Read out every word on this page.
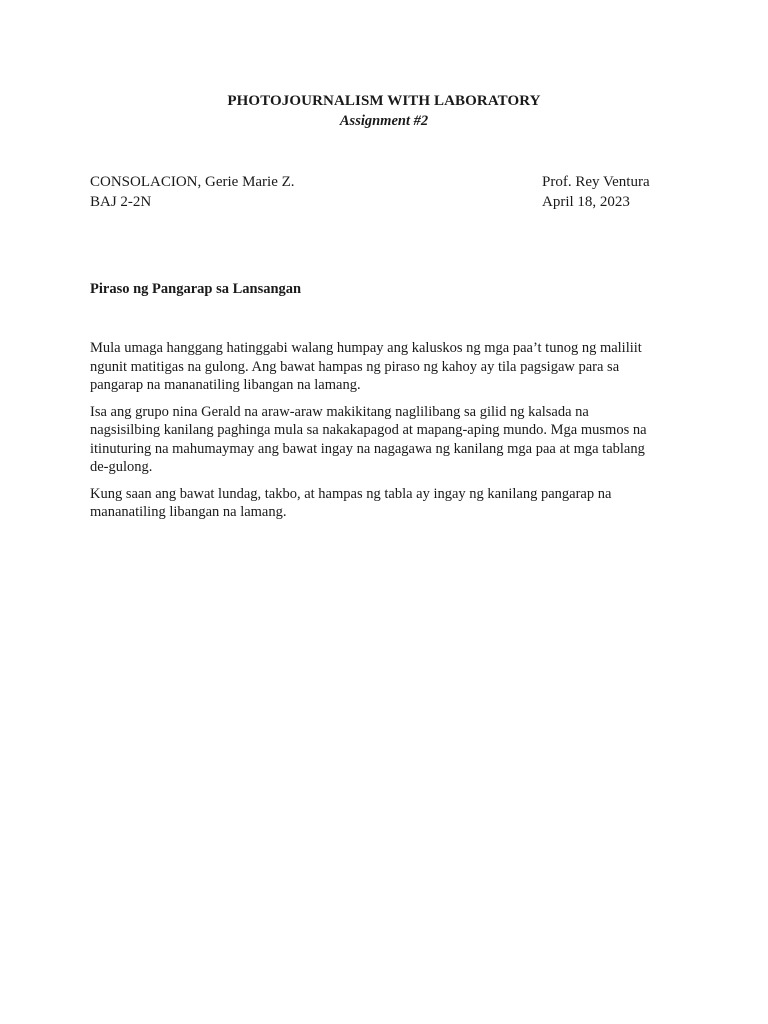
PHOTOJOURNALISM WITH LABORATORY
Assignment #2
CONSOLACION, Gerie Marie Z.
BAJ 2-2N
Prof. Rey Ventura
April 18, 2023
Piraso ng Pangarap sa Lansangan

Mula umaga hanggang hatinggabi walang humpay ang kaluskos ng mga paa’t tunog ng maliliit
ngunit matitigas na gulong. Ang bawat hampas ng piraso ng kahoy ay tila pagsigaw para sa
pangarap na mananatiling libangan na lamang.

Isa ang grupo nina Gerald na araw-araw makikitang naglilibang sa gilid ng kalsada na
nagsisilbing kanilang paghinga mula sa nakakapagod at mapang-aping mundo. Mga musmos na
itinuturing na mahumaymay ang bawat ingay na nagagawa ng kanilang mga paa at mga tablang
de-gulong.

Kung saan ang bawat lundag, takbo, at hampas ng tabla ay ingay ng kanilang pangarap na
mananatiling libangan na lamang.
